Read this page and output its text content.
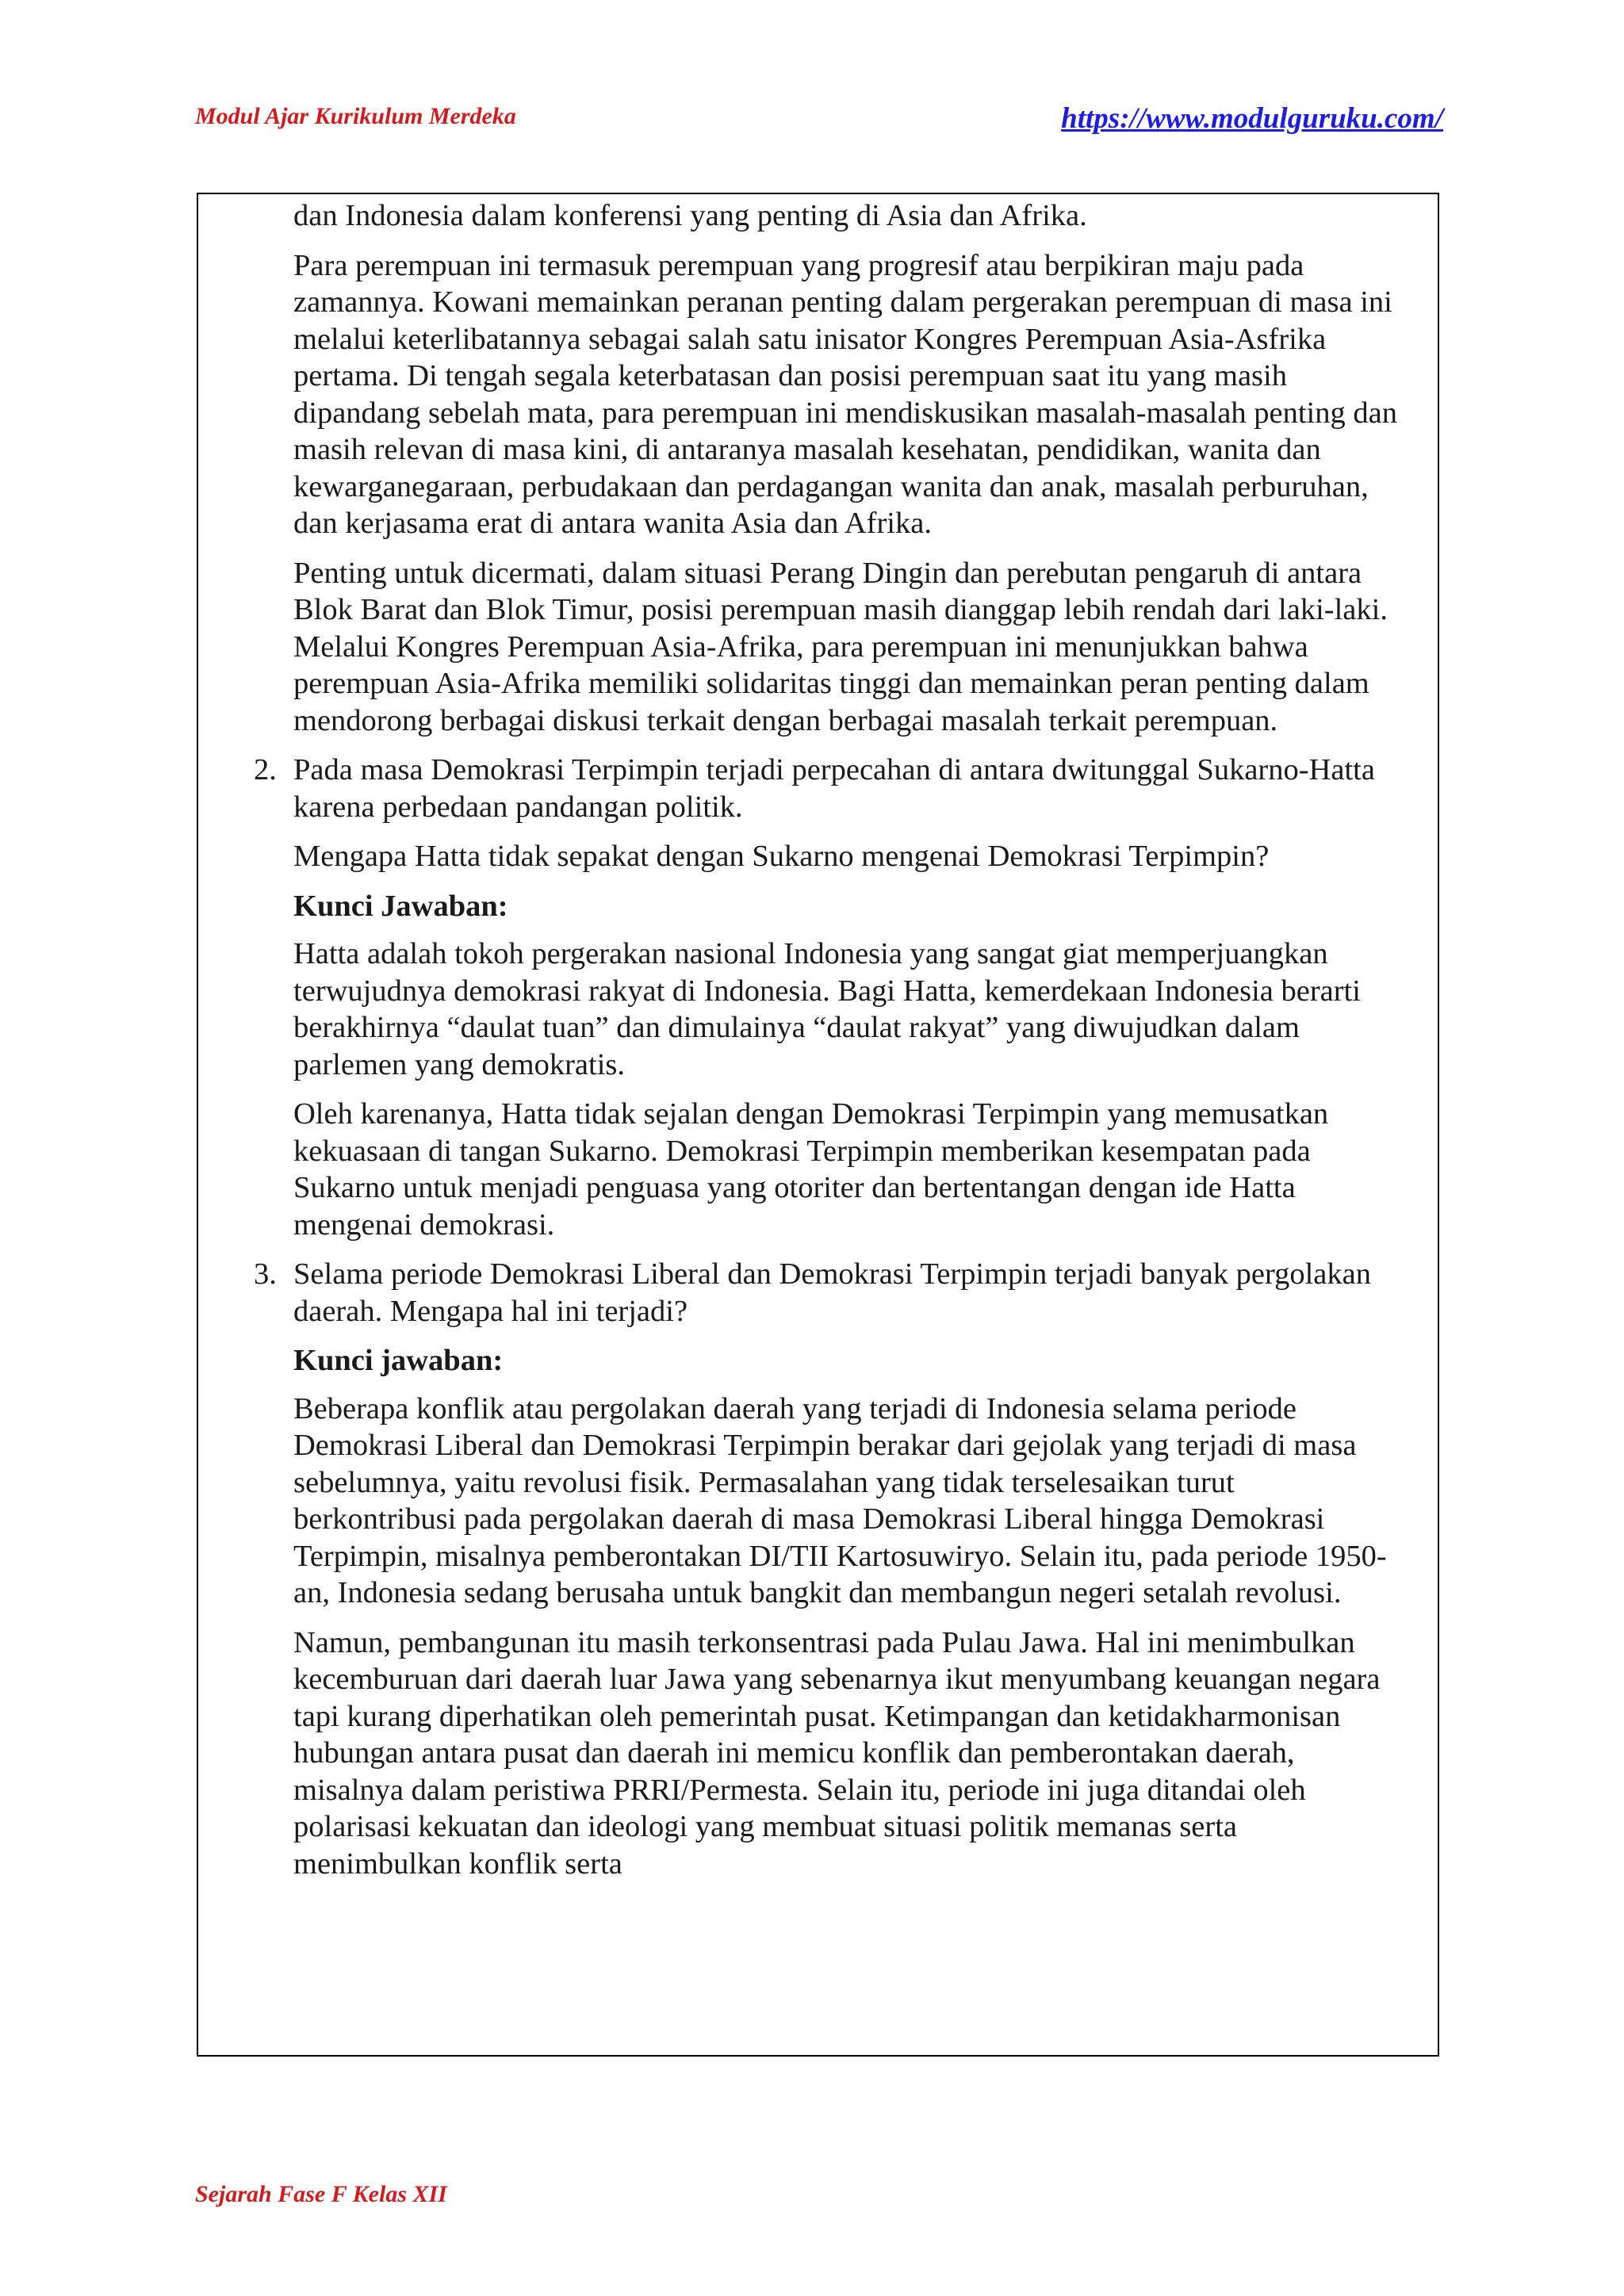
Modul Ajar Kurikulum Merdeka	https://www.modulguruku.com/

dan Indonesia dalam konferensi yang penting di Asia dan Afrika.

Para perempuan ini termasuk perempuan yang progresif atau berpikiran maju pada zamannya. Kowani memainkan peranan penting dalam pergerakan perempuan di masa ini melalui keterlibatannya sebagai salah satu inisator Kongres Perempuan Asia-Asfrika pertama. Di tengah segala keterbatasan dan posisi perempuan saat itu yang masih dipandang sebelah mata, para perempuan ini mendiskusikan masalah-masalah penting dan masih relevan di masa kini, di antaranya masalah kesehatan, pendidikan, wanita dan kewarganegaraan, perbudakaan dan perdagangan wanita dan anak, masalah perburuhan, dan kerjasama erat di antara wanita Asia dan Afrika.

Penting untuk dicermati, dalam situasi Perang Dingin dan perebutan pengaruh di antara Blok Barat dan Blok Timur, posisi perempuan masih dianggap lebih rendah dari laki-laki. Melalui Kongres Perempuan Asia-Afrika, para perempuan ini menunjukkan bahwa perempuan Asia-Afrika memiliki solidaritas tinggi dan memainkan peran penting dalam mendorong berbagai diskusi terkait dengan berbagai masalah terkait perempuan.

2. Pada masa Demokrasi Terpimpin terjadi perpecahan di antara dwitunggal Sukarno-Hatta karena perbedaan pandangan politik.

Mengapa Hatta tidak sepakat dengan Sukarno mengenai Demokrasi Terpimpin?

Kunci Jawaban:

Hatta adalah tokoh pergerakan nasional Indonesia yang sangat giat memperjuangkan terwujudnya demokrasi rakyat di Indonesia. Bagi Hatta, kemerdekaan Indonesia berarti berakhirnya “daulat tuan” dan dimulainya “daulat rakyat” yang diwujudkan dalam parlemen yang demokratis.

Oleh karenanya, Hatta tidak sejalan dengan Demokrasi Terpimpin yang memusatkan kekuasaan di tangan Sukarno. Demokrasi Terpimpin memberikan kesempatan pada Sukarno untuk menjadi penguasa yang otoriter dan bertentangan dengan ide Hatta mengenai demokrasi.

3. Selama periode Demokrasi Liberal dan Demokrasi Terpimpin terjadi banyak pergolakan daerah. Mengapa hal ini terjadi?

Kunci jawaban:

Beberapa konflik atau pergolakan daerah yang terjadi di Indonesia selama periode Demokrasi Liberal dan Demokrasi Terpimpin berakar dari gejolak yang terjadi di masa sebelumnya, yaitu revolusi fisik. Permasalahan yang tidak terselesaikan turut berkontribusi pada pergolakan daerah di masa Demokrasi Liberal hingga Demokrasi Terpimpin, misalnya pemberontakan DI/TII Kartosuwiryo. Selain itu, pada periode 1950-an, Indonesia sedang berusaha untuk bangkit dan membangun negeri setalah revolusi.

Namun, pembangunan itu masih terkonsentrasi pada Pulau Jawa. Hal ini menimbulkan kecemburuan dari daerah luar Jawa yang sebenarnya ikut menyumbang keuangan negara tapi kurang diperhatikan oleh pemerintah pusat. Ketimpangan dan ketidakharmonisan hubungan antara pusat dan daerah ini memicu konflik dan pemberontakan daerah, misalnya dalam peristiwa PRRI/Permesta. Selain itu, periode ini juga ditandai oleh polarisasi kekuatan dan ideologi yang membuat situasi politik memanas serta menimbulkan konflik serta

Sejarah Fase F Kelas XII
